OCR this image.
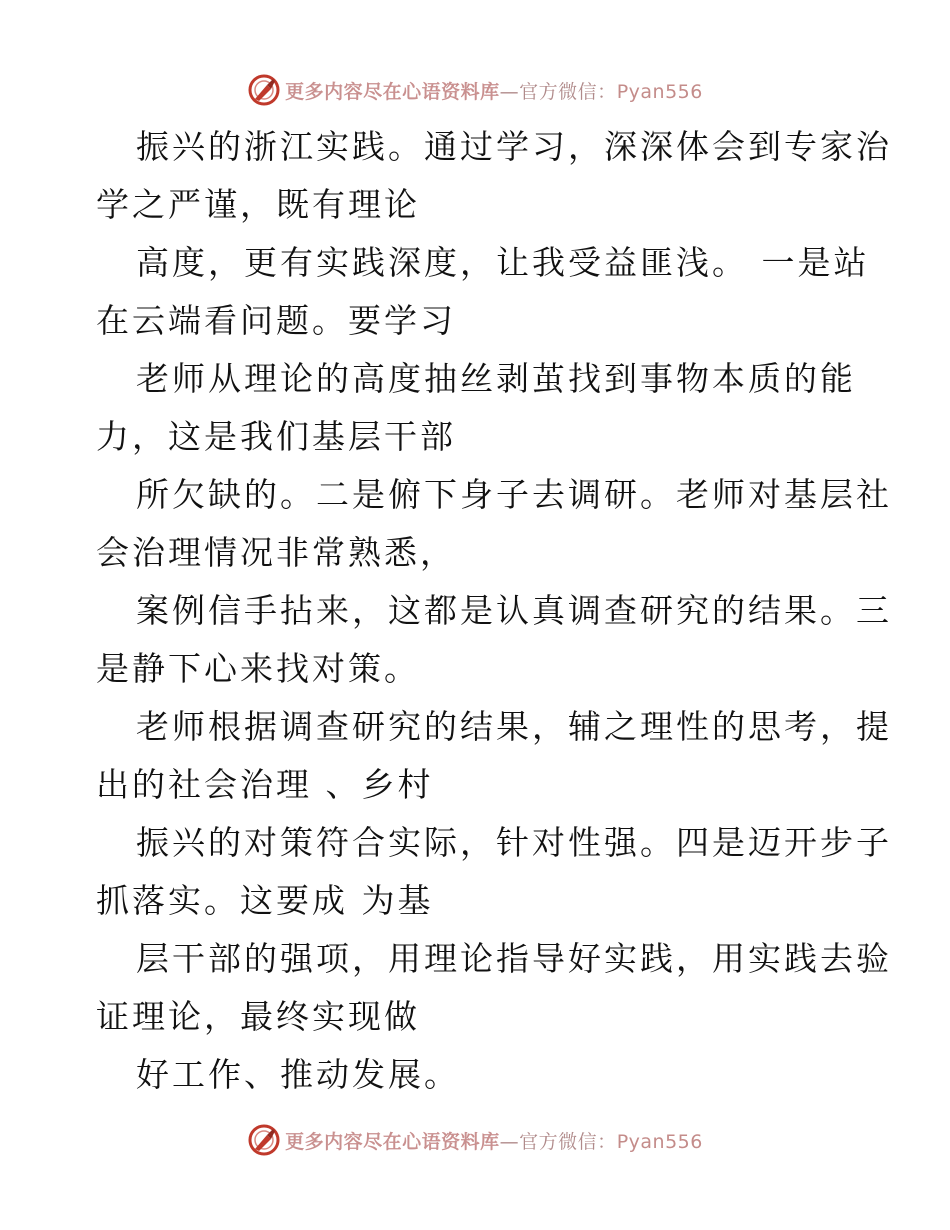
更多内容尽在心语资料库—官方微信：Pyan556
振兴的浙江实践。通过学习，深深体会到专家治
学之严谨，既有理论
高度，更有实践深度，让我受益匪浅。 一是站
在云端看问题。要学习
老师从理论的高度抽丝剥茧找到事物本质的能
力，这是我们基层干部
所欠缺的。二是俯下身子去调研。老师对基层社
会治理情况非常熟悉，
案例信手拈来，这都是认真调查研究的结果。三
是静下心来找对策。
老师根据调查研究的结果，辅之理性的思考，提
出的社会治理 、乡村
振兴的对策符合实际，针对性强。四是迈开步子
抓落实。这要成 为基
层干部的强项，用理论指导好实践，用实践去验
证理论，最终实现做
好工作、推动发展。
更多内容尽在心语资料库—官方微信：Pyan556
